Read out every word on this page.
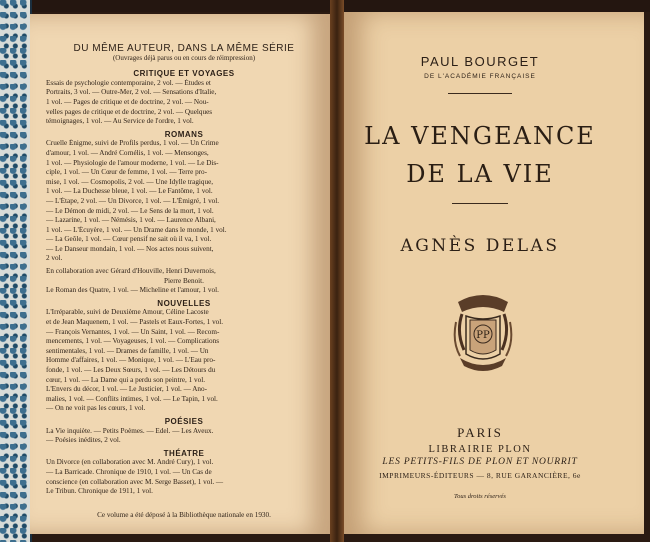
DU MÊME AUTEUR, DANS LA MÊME SÉRIE
(Ouvrages déjà parus ou en cours de réimpression)
CRITIQUE ET VOYAGES
Essais de psychologie contemporaine, 2 vol. — Études et
Portraits, 3 vol. — Outre-Mer, 2 vol. — Sensations d'Italie,
1 vol. — Pages de critique et de doctrine, 2 vol. — Nou-
velles pages de critique et de doctrine, 2 vol. — Quelques
témoignages, 1 vol. — Au Service de l'ordre, 1 vol.
ROMANS
Cruelle Énigme, suivi de Profils perdus, 1 vol. — Un Crime
d'amour, 1 vol. — André Cornélis, 1 vol. — Mensonges,
1 vol. — Physiologie de l'amour moderne, 1 vol. — Le Dis-
ciple, 1 vol. — Un Cœur de femme, 1 vol. — Terre pro-
mise, 1 vol. — Cosmopolis, 2 vol. — Une Idylle tragique,
1 vol. — La Duchesse bleue, 1 vol. — Le Fantôme, 1 vol.
— L'Étape, 2 vol. — Un Divorce, 1 vol. — L'Émigré, 1 vol.
— Le Démon de midi, 2 vol. — Le Sens de la mort, 1 vol.
— Lazarine, 1 vol. — Némésis, 1 vol. — Laurence Albani,
1 vol. — L'Écuyère, 1 vol. — Un Drame dans le monde, 1 vol.
— La Geôle, 1 vol. — Cœur pensif ne sait où il va, 1 vol.
— Le Danseur mondain, 1 vol. — Nos actes nous suivent,
2 vol.
En collaboration avec Gérard d'Houville, Henri Duvernois,
Pierre Benoit.
Le Roman des Quatre, 1 vol. — Micheline et l'amour, 1 vol.
NOUVELLES
L'Irréparable, suivi de Deuxième Amour, Céline Lacoste
et de Jean Maquenem, 1 vol. — Pastels et Eaux-Fortes, 1 vol.
— François Vernantes, 1 vol. — Un Saint, 1 vol. — Recom-
mencements, 1 vol. — Voyageuses, 1 vol. — Complications
sentimentales, 1 vol. — Drames de famille, 1 vol. — Un
Homme d'affaires, 1 vol. — Monique, 1 vol. — L'Eau pro-
fonde, 1 vol. — Les Deux Sœurs, 1 vol. — Les Détours du
cœur, 1 vol. — La Dame qui a perdu son peintre, 1 vol.
L'Envers du décor, 1 vol. — Le Justicier, 1 vol. — Ano-
malies, 1 vol. — Conflits intimes, 1 vol. — Le Tapin, 1 vol.
— On ne voit pas les cœurs, 1 vol.
POÉSIES
La Vie inquiète. — Petits Poèmes. — Edel. — Les Aveux.
— Poésies inédites, 2 vol.
THÉATRE
Un Divorce (en collaboration avec M. André Cury), 1 vol.
— La Barricade. Chronique de 1910, 1 vol. — Un Cas de
conscience (en collaboration avec M. Serge Basset), 1 vol. —
Le Tribun. Chronique de 1911, 1 vol.
Ce volume a été déposé à la Bibliothèque nationale en 1930.
PAUL BOURGET
DE L'ACADÉMIE FRANÇAISE
LA VENGEANCE
DE LA VIE
AGNÈS DELAS
PP
PARIS
LIBRAIRIE PLON
LES PETITS-FILS DE PLON ET NOURRIT
IMPRIMEURS-ÉDITEURS — 8, RUE GARANCIÈRE, 6e
Tous droits réservés
